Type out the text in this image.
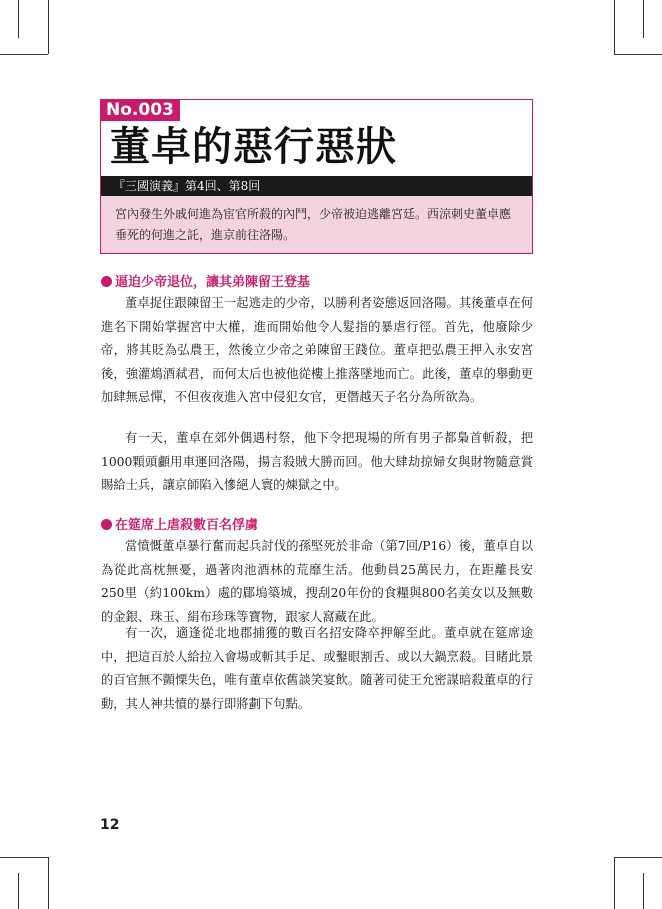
No.003
董卓的惡行惡狀
『三國演義』第4回、第8回
宮內發生外戚何進為宦官所殺的內鬥，少帝被迫逃離宮廷。西涼刺史董卓應垂死的何進之託，進京前往洛陽。
逼迫少帝退位，讓其弟陳留王登基
董卓捉住跟陳留王一起逃走的少帝，以勝利者姿態返回洛陽。其後董卓在何進名下開始掌握宮中大權，進而開始他令人髮指的暴虐行徑。首先，他廢除少帝，將其貶為弘農王，然後立少帝之弟陳留王踐位。董卓把弘農王押入永安宮後，強灌鴆酒弒君，而何太后也被他從樓上推落墜地而亡。此後，董卓的舉動更加肆無忌憚，不但夜夜進入宮中侵犯女官，更僭越天子名分為所欲為。
有一天，董卓在郊外偶遇村祭，他下令把現場的所有男子都梟首斬殺，把1000顆頭顱用車運回洛陽，揚言殺賊大勝而回。他大肆劫掠婦女與財物隨意賞賜給士兵，讓京師陷入慘絕人寰的煉獄之中。
在筵席上虐殺數百名俘虜
當憤慨董卓暴行奮而起兵討伐的孫堅死於非命（第7回/P16）後，董卓自以為從此高枕無憂，過著肉池酒林的荒靡生活。他動員25萬民力，在距離長安250里（約100km）處的郿塢築城，搜刮20年份的食糧與800名美女以及無數的金銀、珠玉、絹布珍珠等寶物，跟家人窩藏在此。
有一次，適逢從北地郡捕獲的數百名招安降卒押解至此。董卓就在筵席途中，把這百於人給拉入會場或斬其手足、或鑿眼割舌、或以大鍋烹殺。目睹此景的百官無不顫慄失色，唯有董卓依舊談笑宴飲。隨著司徒王允密謀暗殺董卓的行動，其人神共憤的暴行即將劃下句點。
12
